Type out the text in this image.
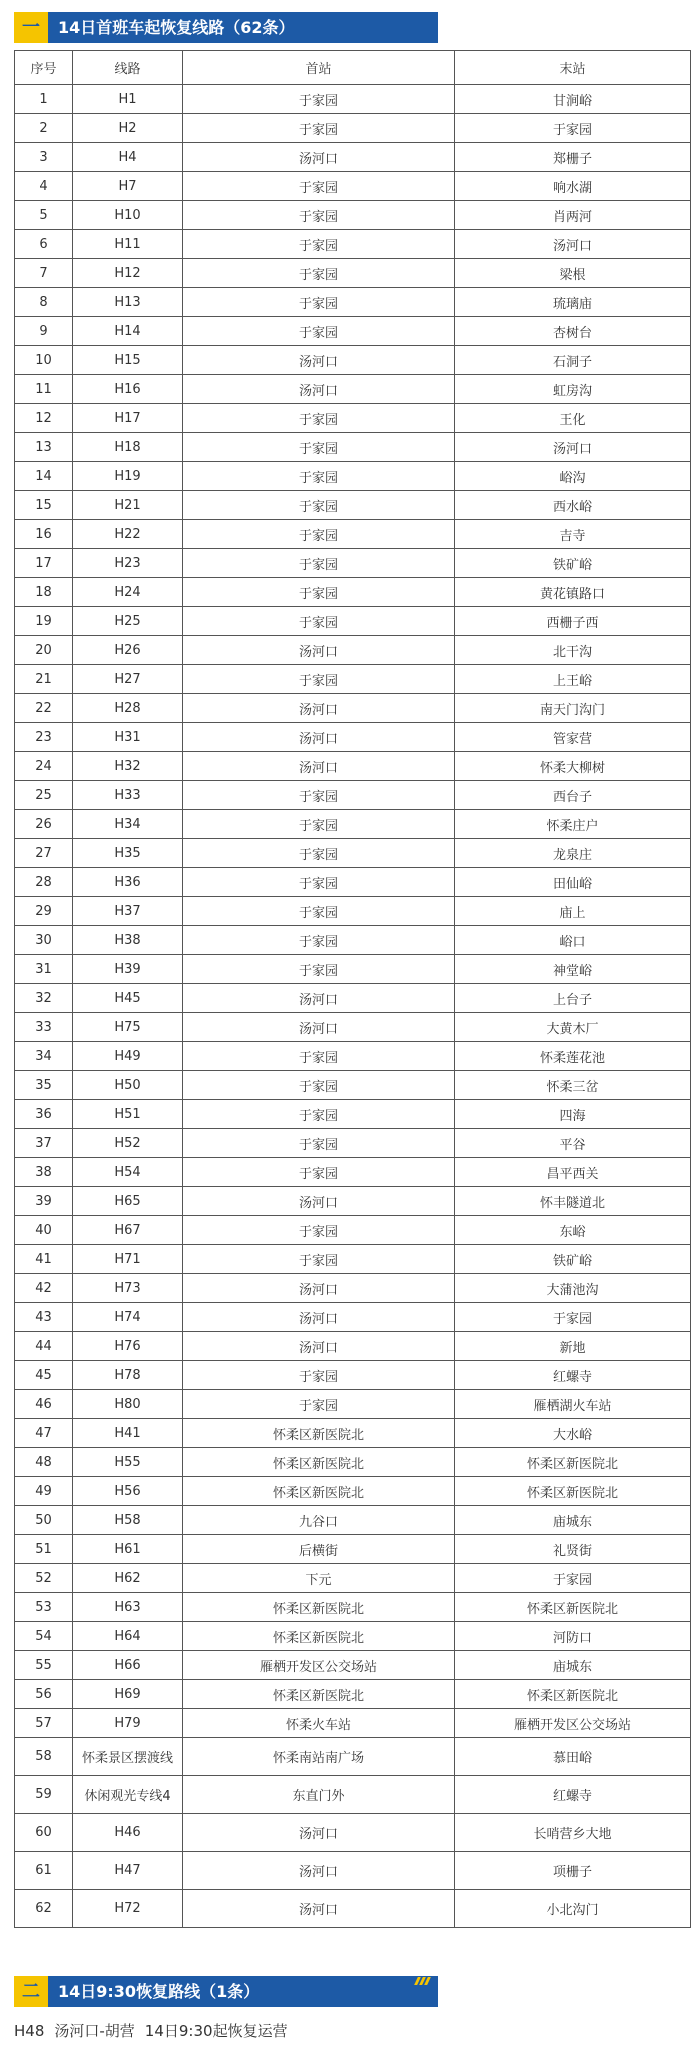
一	14日首班车起恢复线路（62条）
序号	线路	首站	末站
1	H1	于家园	甘涧峪
2	H2	于家园	于家园
3	H4	汤河口	郑栅子
4	H7	于家园	响水湖
5	H10	于家园	肖两河
6	H11	于家园	汤河口
7	H12	于家园	梁根
8	H13	于家园	琉璃庙
9	H14	于家园	杏树台
10	H15	汤河口	石洞子
11	H16	汤河口	虹房沟
12	H17	于家园	王化
13	H18	于家园	汤河口
14	H19	于家园	峪沟
15	H21	于家园	西水峪
16	H22	于家园	吉寺
17	H23	于家园	铁矿峪
18	H24	于家园	黄花镇路口
19	H25	于家园	西栅子西
20	H26	汤河口	北干沟
21	H27	于家园	上王峪
22	H28	汤河口	南天门沟门
23	H31	汤河口	管家营
24	H32	汤河口	怀柔大柳树
25	H33	于家园	西台子
26	H34	于家园	怀柔庄户
27	H35	于家园	龙泉庄
28	H36	于家园	田仙峪
29	H37	于家园	庙上
30	H38	于家园	峪口
31	H39	于家园	神堂峪
32	H45	汤河口	上台子
33	H75	汤河口	大黄木厂
34	H49	于家园	怀柔莲花池
35	H50	于家园	怀柔三岔
36	H51	于家园	四海
37	H52	于家园	平谷
38	H54	于家园	昌平西关
39	H65	汤河口	怀丰隧道北
40	H67	于家园	东峪
41	H71	于家园	铁矿峪
42	H73	汤河口	大蒲池沟
43	H74	汤河口	于家园
44	H76	汤河口	新地
45	H78	于家园	红螺寺
46	H80	于家园	雁栖湖火车站
47	H41	怀柔区新医院北	大水峪
48	H55	怀柔区新医院北	怀柔区新医院北
49	H56	怀柔区新医院北	怀柔区新医院北
50	H58	九谷口	庙城东
51	H61	后横街	礼贤街
52	H62	下元	于家园
53	H63	怀柔区新医院北	怀柔区新医院北
54	H64	怀柔区新医院北	河防口
55	H66	雁栖开发区公交场站	庙城东
56	H69	怀柔区新医院北	怀柔区新医院北
57	H79	怀柔火车站	雁栖开发区公交场站
58	怀柔景区摆渡线	怀柔南站南广场	慕田峪
59	休闲观光专线4	东直门外	红螺寺
60	H46	汤河口	长哨营乡大地
61	H47	汤河口	项栅子
62	H72	汤河口	小北沟门
二	14日9:30恢复路线（1条）
H48 汤河口-胡营 14日9:30起恢复运营
